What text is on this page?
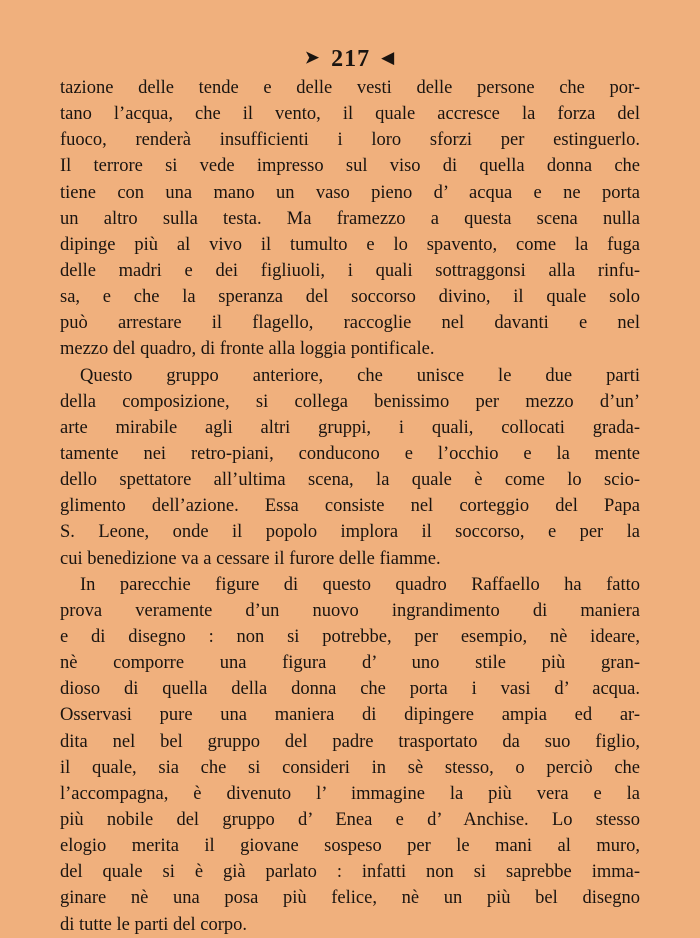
➤ 217 ◀
tazione delle tende e delle vesti delle persone che por-
tano l’acqua, che il vento, il quale accresce la forza del
fuoco, renderà insufficienti i loro sforzi per estinguerlo.
Il terrore si vede impresso sul viso di quella donna che
tiene con una mano un vaso pieno d’ acqua e ne porta
un altro sulla testa. Ma framezzo a questa scena nulla
dipinge più al vivo il tumulto e lo spavento, come la fuga
delle madri e dei figliuoli, i quali sottraggonsi alla rinfu-
sa, e che la speranza del soccorso divino, il quale solo
può arrestare il flagello, raccoglie nel davanti e nel
mezzo del quadro, di fronte alla loggia pontificale.
Questo gruppo anteriore, che unisce le due parti
della composizione, si collega benissimo per mezzo d’un’
arte mirabile agli altri gruppi, i quali, collocati grada-
tamente nei retro-piani, conducono e l’occhio e la mente
dello spettatore all’ultima scena, la quale è come lo scio-
glimento dell’azione. Essa consiste nel corteggio del Papa
S. Leone, onde il popolo implora il soccorso, e per la
cui benedizione va a cessare il furore delle fiamme.
In parecchie figure di questo quadro Raffaello ha fatto
prova veramente d’un nuovo ingrandimento di maniera
e di disegno : non si potrebbe, per esempio, nè ideare,
nè comporre una figura d’ uno stile più gran-
dioso di quella della donna che porta i vasi d’ acqua.
Osservasi pure una maniera di dipingere ampia ed ar-
dita nel bel gruppo del padre trasportato da suo figlio,
il quale, sia che si consideri in sè stesso, o perciò che
l’accompagna, è divenuto l’ immagine la più vera e la
più nobile del gruppo d’ Enea e d’ Anchise. Lo stesso
elogio merita il giovane sospeso per le mani al muro,
del quale si è già parlato : infatti non si saprebbe imma-
ginare nè una posa più felice, nè un più bel disegno
di tutte le parti del corpo.
